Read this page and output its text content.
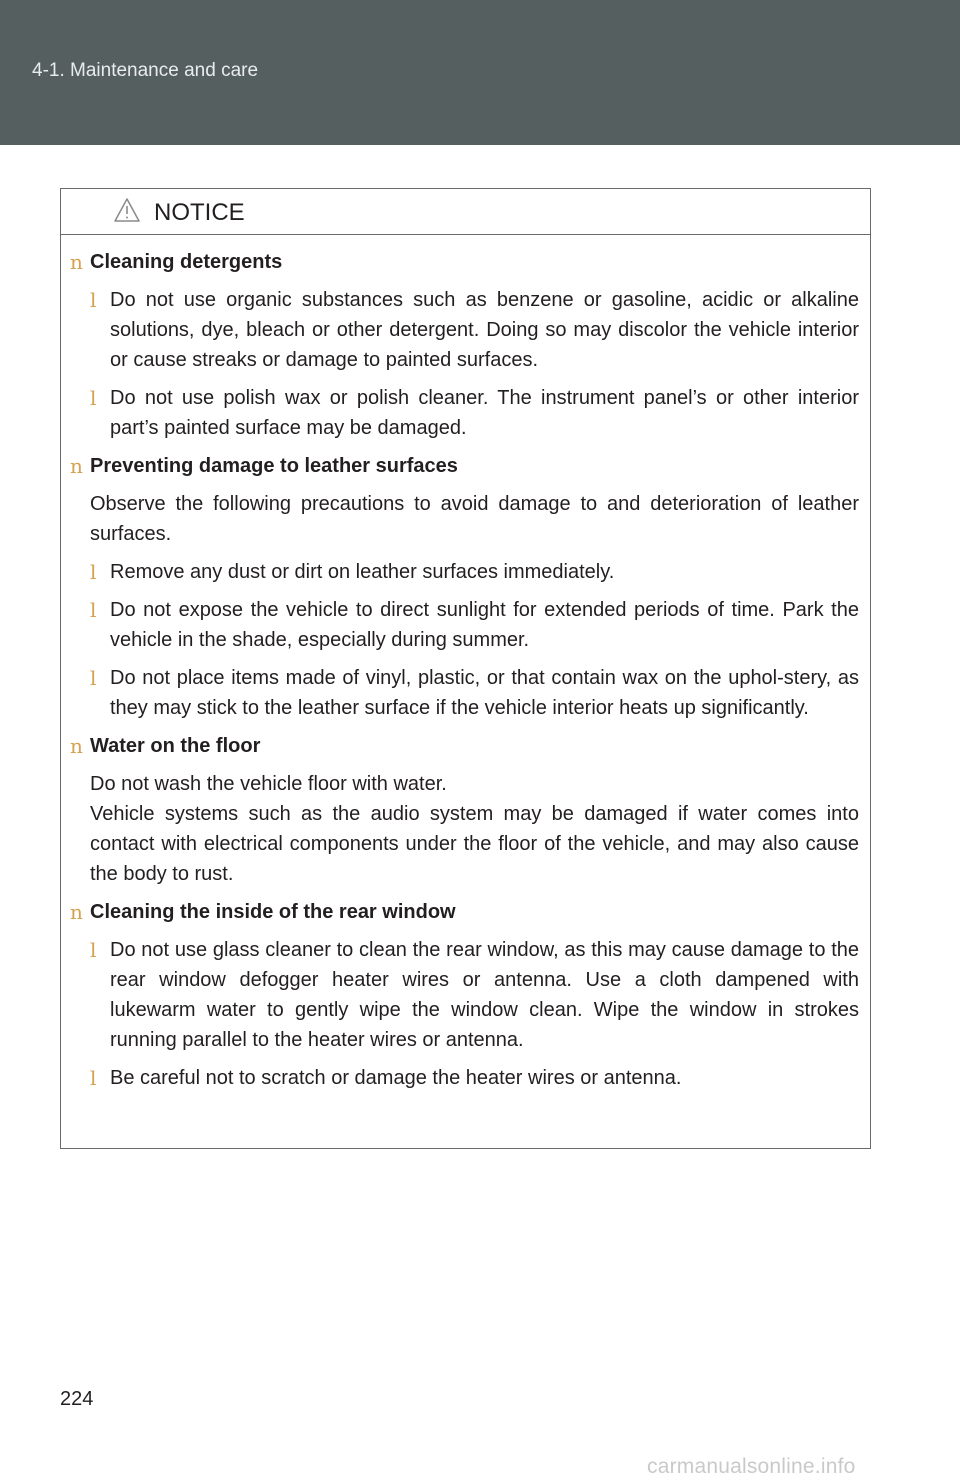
4-1. Maintenance and care
NOTICE
n Cleaning detergents
l Do not use organic substances such as benzene or gasoline, acidic or alkaline solutions, dye, bleach or other detergent. Doing so may discolor the vehicle interior or cause streaks or damage to painted surfaces.
l Do not use polish wax or polish cleaner. The instrument panel’s or other interior part’s painted surface may be damaged.
n Preventing damage to leather surfaces
Observe the following precautions to avoid damage to and deterioration of leather surfaces.
l Remove any dust or dirt on leather surfaces immediately.
l Do not expose the vehicle to direct sunlight for extended periods of time. Park the vehicle in the shade, especially during summer.
l Do not place items made of vinyl, plastic, or that contain wax on the uphol-stery, as they may stick to the leather surface if the vehicle interior heats up significantly.
n Water on the floor
Do not wash the vehicle floor with water.
Vehicle systems such as the audio system may be damaged if water comes into contact with electrical components under the floor of the vehicle, and may also cause the body to rust.
n Cleaning the inside of the rear window
l Do not use glass cleaner to clean the rear window, as this may cause damage to the rear window defogger heater wires or antenna. Use a cloth dampened with lukewarm water to gently wipe the window clean. Wipe the window in strokes running parallel to the heater wires or antenna.
l Be careful not to scratch or damage the heater wires or antenna.
224
carmanualsonline.info
